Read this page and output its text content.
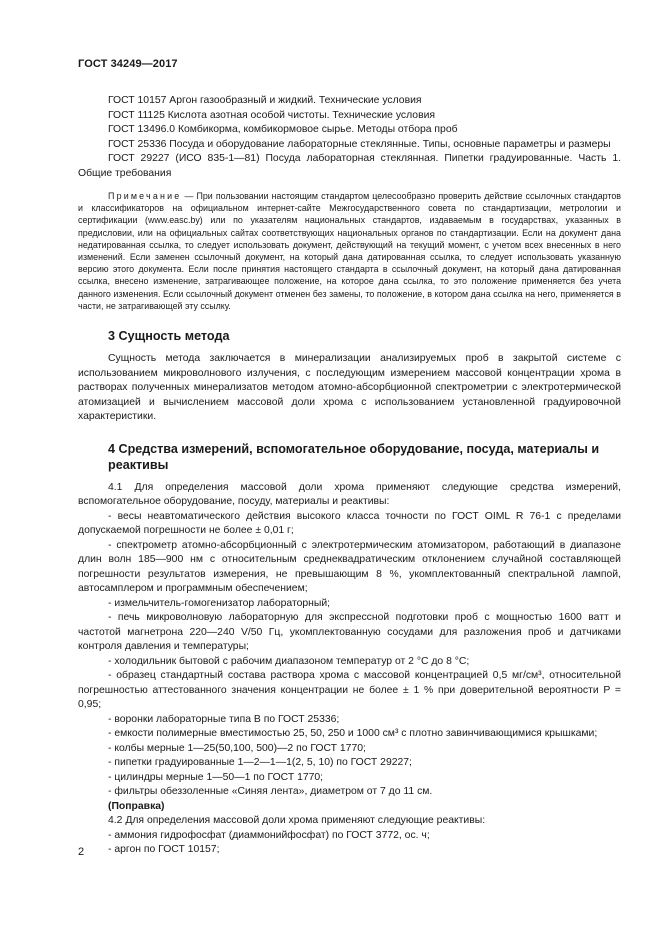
ГОСТ 34249—2017

ГОСТ 10157 Аргон газообразный и жидкий. Технические условия

ГОСТ 11125 Кислота азотная особой чистоты. Технические условия

ГОСТ 13496.0 Комбикорма, комбикормовое сырье. Методы отбора проб

ГОСТ 25336 Посуда и оборудование лабораторные стеклянные. Типы, основные параметры и размеры

ГОСТ 29227 (ИСО 835-1—81) Посуда лабораторная стеклянная. Пипетки градуированные. Часть 1. Общие требования

Примечание — При пользовании настоящим стандартом целесообразно проверить действие ссылочных стандартов и классификаторов на официальном интернет-сайте Межгосударственного совета по стандартизации, метрологии и сертификации (www.easc.by) или по указателям национальных стандартов, издаваемым в государствах, указанных в предисловии, или на официальных сайтах соответствующих национальных органов по стандартизации. Если на документ дана недатированная ссылка, то следует использовать документ, действующий на текущий момент, с учетом всех внесенных в него изменений. Если заменен ссылочный документ, на который дана датированная ссылка, то следует использовать указанную версию этого документа. Если после принятия настоящего стандарта в ссылочный документ, на который дана датированная ссылка, внесено изменение, затрагивающее положение, на которое дана ссылка, то это положение применяется без учета данного изменения. Если ссылочный документ отменен без замены, то положение, в котором дана ссылка на него, применяется в части, не затрагивающей эту ссылку.

3 Сущность метода

Сущность метода заключается в минерализации анализируемых проб в закрытой системе с использованием микроволнового излучения, с последующим измерением массовой концентрации хрома в растворах полученных минерализатов методом атомно-абсорбционной спектрометрии с электротермической атомизацией и вычислением массовой доли хрома с использованием установленной градуировочной характеристики.

4 Средства измерений, вспомогательное оборудование, посуда, материалы и реактивы

4.1 Для определения массовой доли хрома применяют следующие средства измерений, вспомогательное оборудование, посуду, материалы и реактивы:

- весы неавтоматического действия высокого класса точности по ГОСТ OIML R 76-1 с пределами допускаемой погрешности не более ± 0,01 г;

- спектрометр атомно-абсорбционный с электротермическим атомизатором, работающий в диапазоне длин волн 185—900 нм с относительным среднеквадратическим отклонением случайной составляющей погрешности результатов измерения, не превышающим 8 %, укомплектованный спектральной лампой, автосамплером и программным обеспечением;

- измельчитель-гомогенизатор лабораторный;

- печь микроволновую лабораторную для экспрессной подготовки проб с мощностью 1600 ватт и частотой магнетрона 220—240 V/50 Гц, укомплектованную сосудами для разложения проб и датчиками контроля давления и температуры;

- холодильник бытовой с рабочим диапазоном температур от 2 °С до 8 °С;

- образец стандартный состава раствора хрома с массовой концентрацией 0,5 мг/см³, относительной погрешностью аттестованного значения концентрации не более ± 1 % при доверительной вероятности P = 0,95;

- воронки лабораторные типа В по ГОСТ 25336;

- емкости полимерные вместимостью 25, 50, 250 и 1000 см³ с плотно завинчивающимися крышками;

- колбы мерные 1—25(50,100, 500)—2 по ГОСТ 1770;

- пипетки градуированные 1—2—1—1(2, 5, 10) по ГОСТ 29227;

- цилиндры мерные 1—50—1 по ГОСТ 1770;

- фильтры обеззоленные «Синяя лента», диаметром от 7 до 11 см.

(Поправка)

4.2 Для определения массовой доли хрома применяют следующие реактивы:

- аммония гидрофосфат (диаммонийфосфат) по ГОСТ 3772, ос. ч;

- аргон по ГОСТ 10157;

2
